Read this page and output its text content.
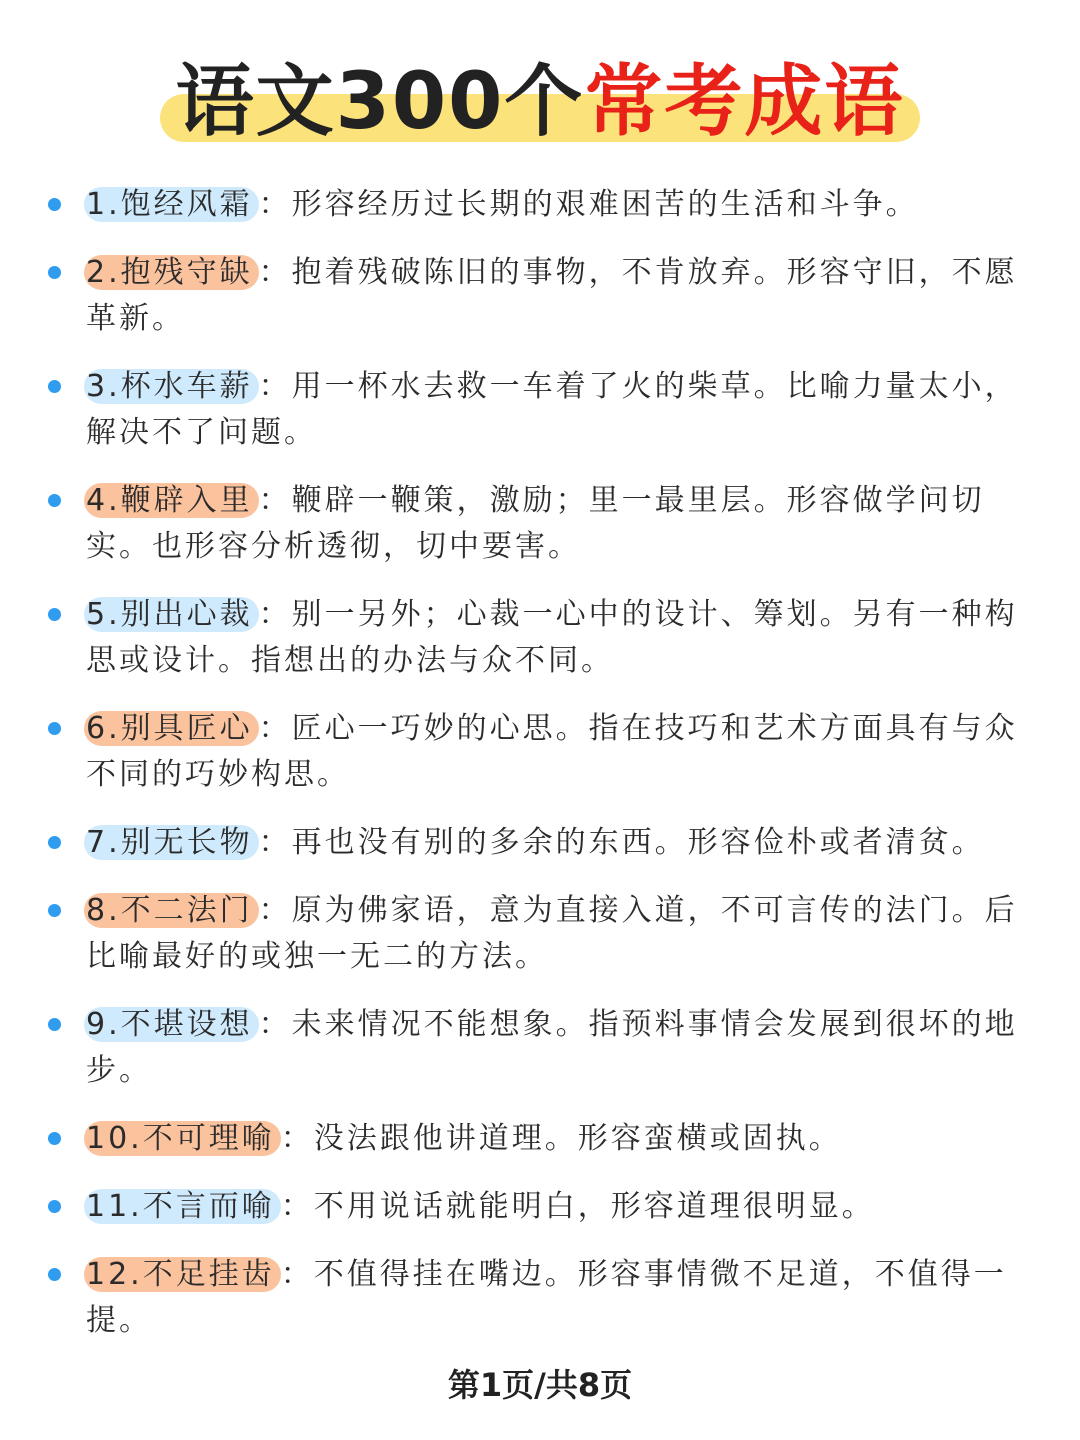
语文300个常考成语
1.饱经风霜 ：形容经历过长期的艰难困苦的生活和斗争。
2.抱残守缺 ：抱着残破陈旧的事物，不肯放弃。形容守旧，不愿革新。
3.杯水车薪 ：用一杯水去救一车着了火的柴草。比喻力量太小，解决不了问题。
4.鞭辟入里 ：鞭辟一鞭策，激励；里一最里层。形容做学问切实。也形容分析透彻，切中要害。
5.别出心裁 ：别一另外；心裁一心中的设计、筹划。另有一种构思或设计。指想出的办法与众不同。
6.别具匠心 ：匠心一巧妙的心思。指在技巧和艺术方面具有与众不同的巧妙构思。
7.别无长物 ：再也没有别的多余的东西。形容俭朴或者清贫。
8.不二法门 ：原为佛家语，意为直接入道，不可言传的法门。后比喻最好的或独一无二的方法。
9.不堪设想 ：未来情况不能想象。指预料事情会发展到很坏的地步。
10.不可理喻 ：没法跟他讲道理。形容蛮横或固执。
11.不言而喻 ：不用说话就能明白，形容道理很明显。
12.不足挂齿 ：不值得挂在嘴边。形容事情微不足道，不值得一提。
第1页/共8页
